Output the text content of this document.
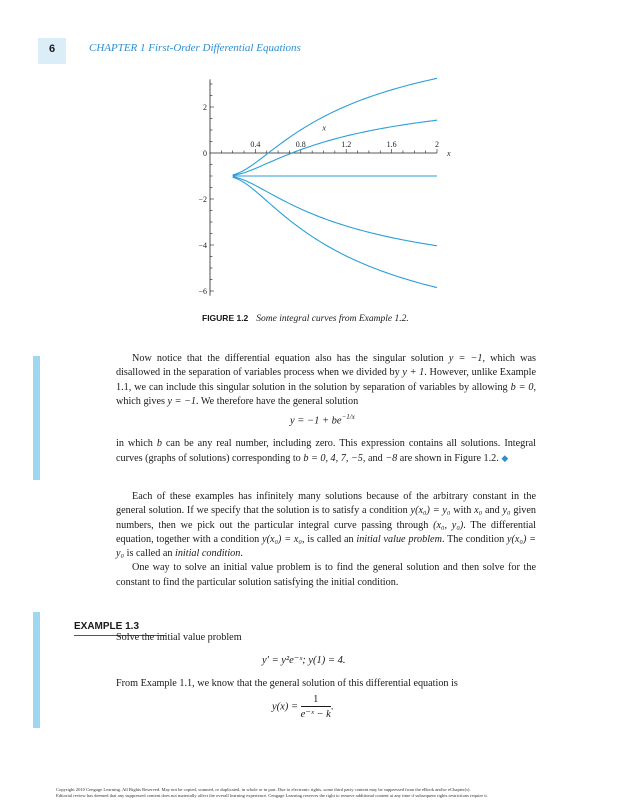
6	CHAPTER 1 First-Order Differential Equations
0.4	0.8	1.2	1.6	2
2
0
−2
−4
−6
x
x
FIGURE 1.2 Some integral curves from Example 1.2.

Now notice that the differential equation also has the singular solution y = −1, which was disallowed in the separation of variables process when we divided by y + 1. However, unlike Example 1.1, we can include this singular solution in the solution by separation of variables by allowing b = 0, which gives y = −1. We therefore have the general solution

$y = -1 + be^{-1/x}$

in which b can be any real number, including zero. This expression contains all solutions. Integral curves (graphs of solutions) corresponding to b = 0, 4, 7, −5, and −8 are shown in Figure 1.2. ◆

Each of these examples has infinitely many solutions because of the arbitrary constant in the general solution. If we specify that the solution is to satisfy a condition y(x₀) = y₀ with x₀ and y₀ given numbers, then we pick out the particular integral curve passing through (x₀, y₀). The differential equation, together with a condition y(x₀) = x₀, is called an initial value problem. The condition y(x₀) = y₀ is called an initial condition.

One way to solve an initial value problem is to find the general solution and then solve for the constant to find the particular solution satisfying the initial condition.

EXAMPLE 1.3

Solve the initial value problem

y′ = y²e⁻ˣ; y(1) = 4.

From Example 1.1, we know that the general solution of this differential equation is

$y(x) = \frac{1}{\text{e⁻ˣ − k}}$ .
Copyright 2010 Cengage Learning. All Rights Reserved. May not be copied, scanned, or duplicated, in whole or in part. Due to electronic rights, some third party content may be suppressed from the eBook and/or eChapter(s).
Editorial review has deemed that any suppressed content does not materially affect the overall learning experience. Cengage Learning reserves the right to remove additional content at any time if subsequent rights restrictions require it.
